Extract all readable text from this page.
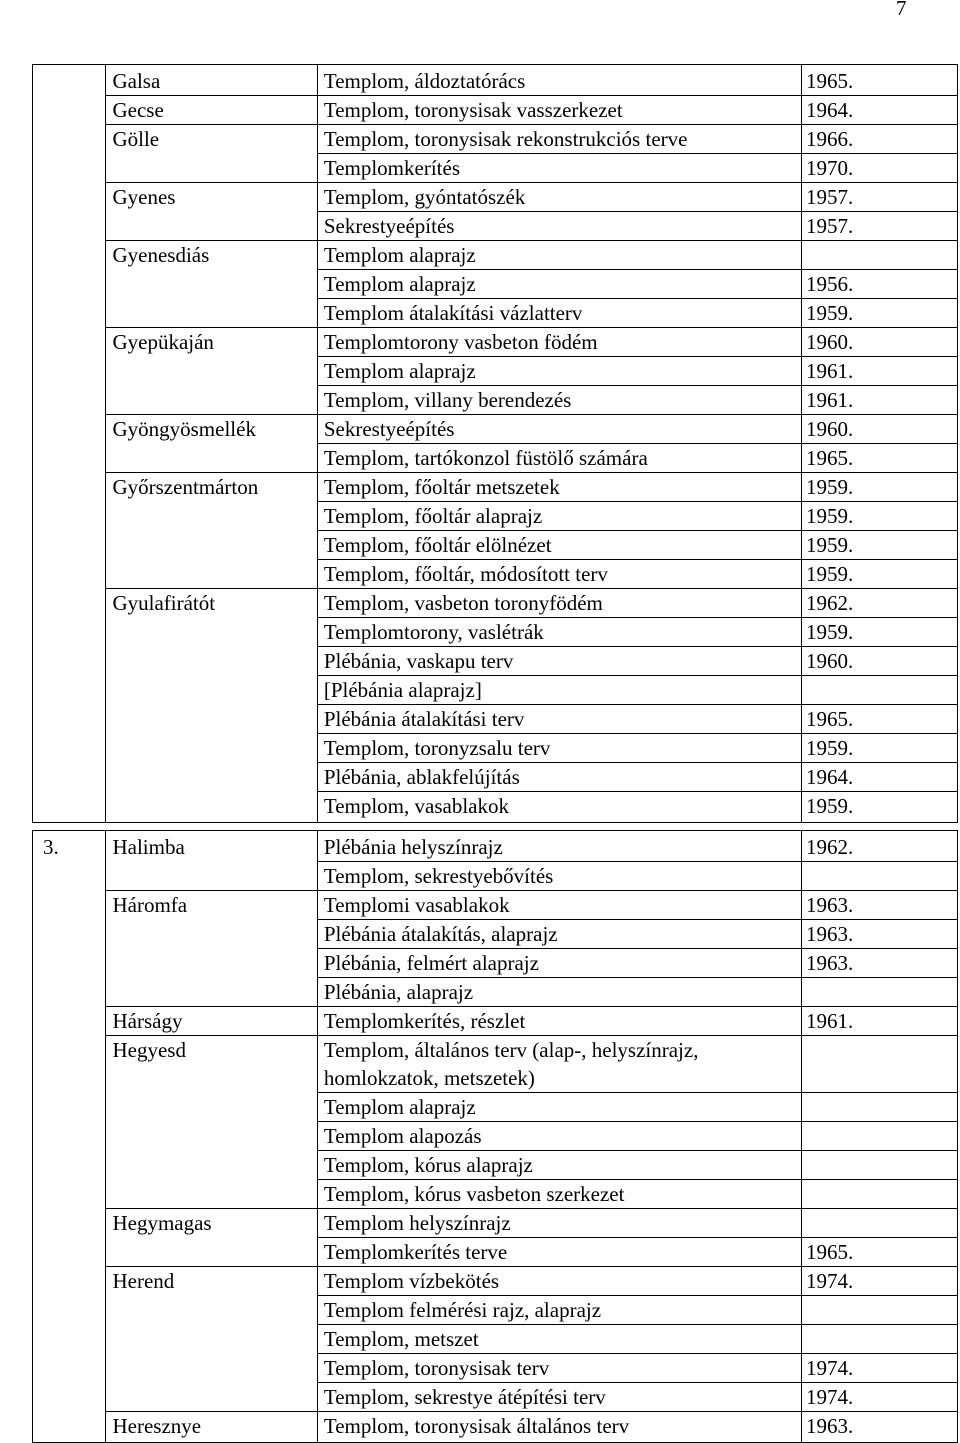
7
	Galsa	Templom, áldoztatórács	1965.
	Gecse	Templom, toronysisak vasszerkezet	1964.
	Gölle	Templom, toronysisak rekonstrukciós terve	1966.
		Templomkerítés	1970.
	Gyenes	Templom, gyóntatószék	1957.
		Sekrestyeépítés	1957.
	Gyenesdiás	Templom alaprajz	
		Templom alaprajz	1956.
		Templom átalakítási vázlatterv	1959.
	Gyepükaján	Templomtorony vasbeton födém	1960.
		Templom alaprajz	1961.
		Templom, villany berendezés	1961.
	Gyöngyösmellék	Sekrestyeépítés	1960.
		Templom, tartókonzol füstölő számára	1965.
	Győrszentmárton	Templom, főoltár metszetek	1959.
		Templom, főoltár alaprajz	1959.
		Templom, főoltár elölnézet	1959.
		Templom, főoltár, módosított terv	1959.
	Gyulafirátót	Templom, vasbeton toronyfödém	1962.
		Templomtorony, vaslétrák	1959.
		Plébánia, vaskapu terv	1960.
		[Plébánia alaprajz]	
		Plébánia átalakítási terv	1965.
		Templom, toronyzsalu terv	1959.
		Plébánia, ablakfelújítás	1964.
		Templom, vasablakok	1959.
3.	Halimba	Plébánia helyszínrajz	1962.
		Templom, sekrestyebővítés	
	Háromfa	Templomi vasablakok	1963.
		Plébánia átalakítás, alaprajz	1963.
		Plébánia, felmért alaprajz	1963.
		Plébánia, alaprajz	
	Hárságy	Templomkerítés, részlet	1961.
	Hegyesd	Templom, általános terv (alap-, helyszínrajz, homlokzatok, metszetek)	
		Templom alaprajz	
		Templom alapozás	
		Templom, kórus alaprajz	
		Templom, kórus vasbeton szerkezet	
	Hegymagas	Templom helyszínrajz	
		Templomkerítés terve	1965.
	Herend	Templom vízbekötés	1974.
		Templom felmérési rajz, alaprajz	
		Templom, metszet	
		Templom, toronysisak terv	1974.
		Templom, sekrestye átépítési terv	1974.
	Heresznye	Templom, toronysisak általános terv	1963.
